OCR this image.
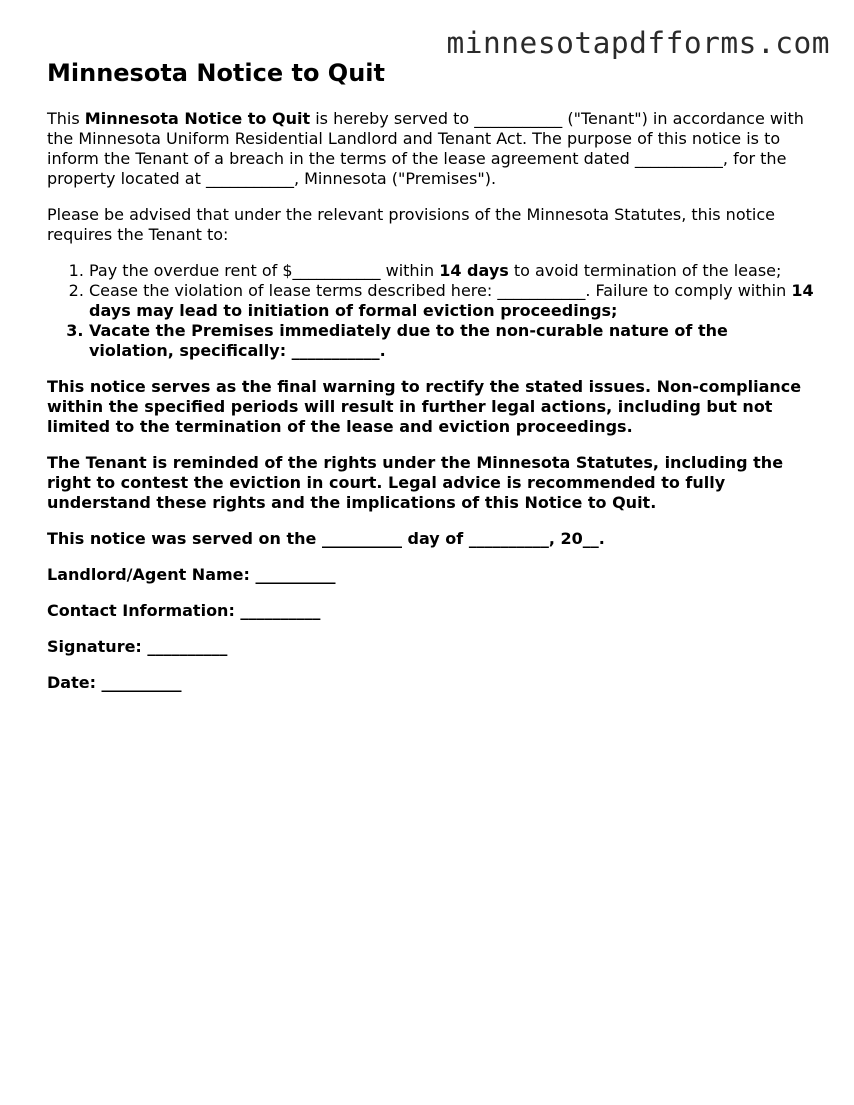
minnesotapdfforms.com
Minnesota Notice to Quit

This Minnesota Notice to Quit is hereby served to ___________ ("Tenant") in accordance with the Minnesota Uniform Residential Landlord and Tenant Act. The purpose of this notice is to inform the Tenant of a breach in the terms of the lease agreement dated ___________, for the property located at ___________, Minnesota ("Premises").

Please be advised that under the relevant provisions of the Minnesota Statutes, this notice requires the Tenant to:

1. Pay the overdue rent of $___________ within 14 days to avoid termination of the lease;
2. Cease the violation of lease terms described here: ___________. Failure to comply within 14 days may lead to initiation of formal eviction proceedings;
3. Vacate the Premises immediately due to the non-curable nature of the violation, specifically: ___________.

This notice serves as the final warning to rectify the stated issues. Non-compliance within the specified periods will result in further legal actions, including but not limited to the termination of the lease and eviction proceedings.

The Tenant is reminded of the rights under the Minnesota Statutes, including the right to contest the eviction in court. Legal advice is recommended to fully understand these rights and the implications of this Notice to Quit.

This notice was served on the __________ day of __________, 20__.

Landlord/Agent Name: __________

Contact Information: __________

Signature: __________

Date: __________
